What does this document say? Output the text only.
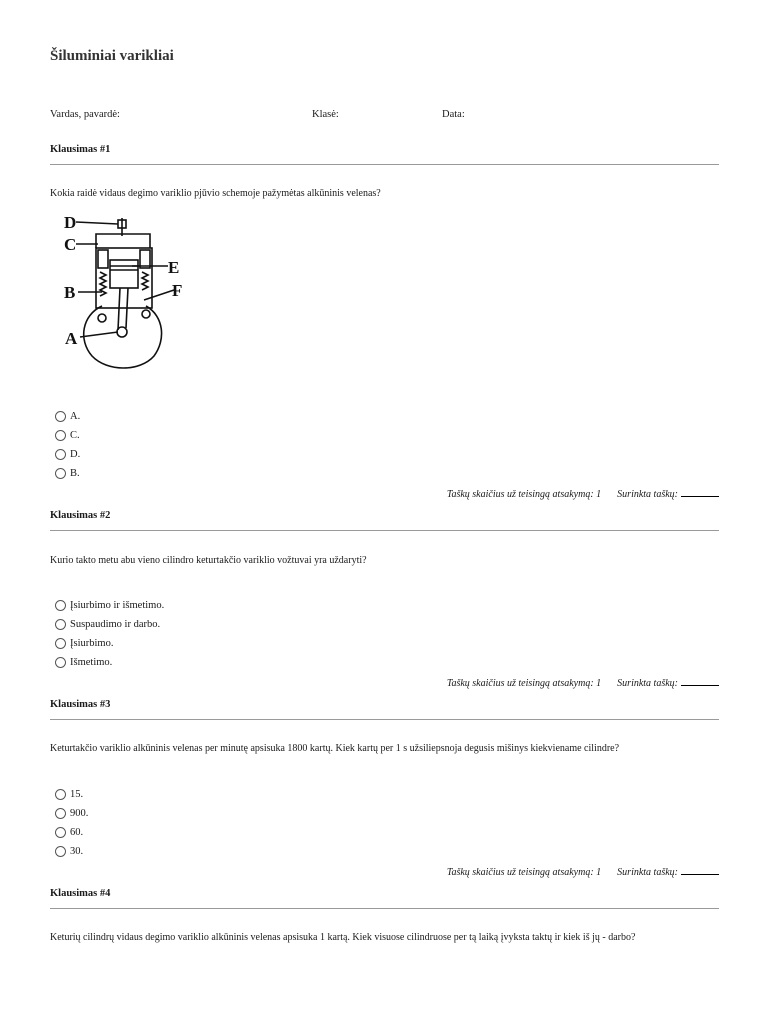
Šiluminiai varikliai
Vardas, pavardė:	Klasė:	Data:
Klausimas #1
Kokia raidė vidaus degimo variklio pjūvio schemoje pažymėtas alkūninis velenas?
D
C
E
B	F
A
A.
C.
D.
B.
Taškų skaičius už teisingą atsakymą: 1 Surinkta taškų:
Klausimas #2
Kurio takto metu abu vieno cilindro keturtakčio variklio vožtuvai yra uždaryti?
Įsiurbimo ir išmetimo.
Suspaudimo ir darbo.
Įsiurbimo.
Išmetimo.
Taškų skaičius už teisingą atsakymą: 1 Surinkta taškų:
Klausimas #3
Keturtakčio variklio alkūninis velenas per minutę apsisuka 1800 kartų. Kiek kartų per 1 s užsiliepsnoja degusis mišinys kiekviename cilindre?
15.
900.
60.
30.
Taškų skaičius už teisingą atsakymą: 1 Surinkta taškų:
Klausimas #4
Keturių cilindrų vidaus degimo variklio alkūninis velenas apsisuka 1 kartą. Kiek visuose cilindruose per tą laiką įvyksta taktų ir kiek iš jų - darbo?
